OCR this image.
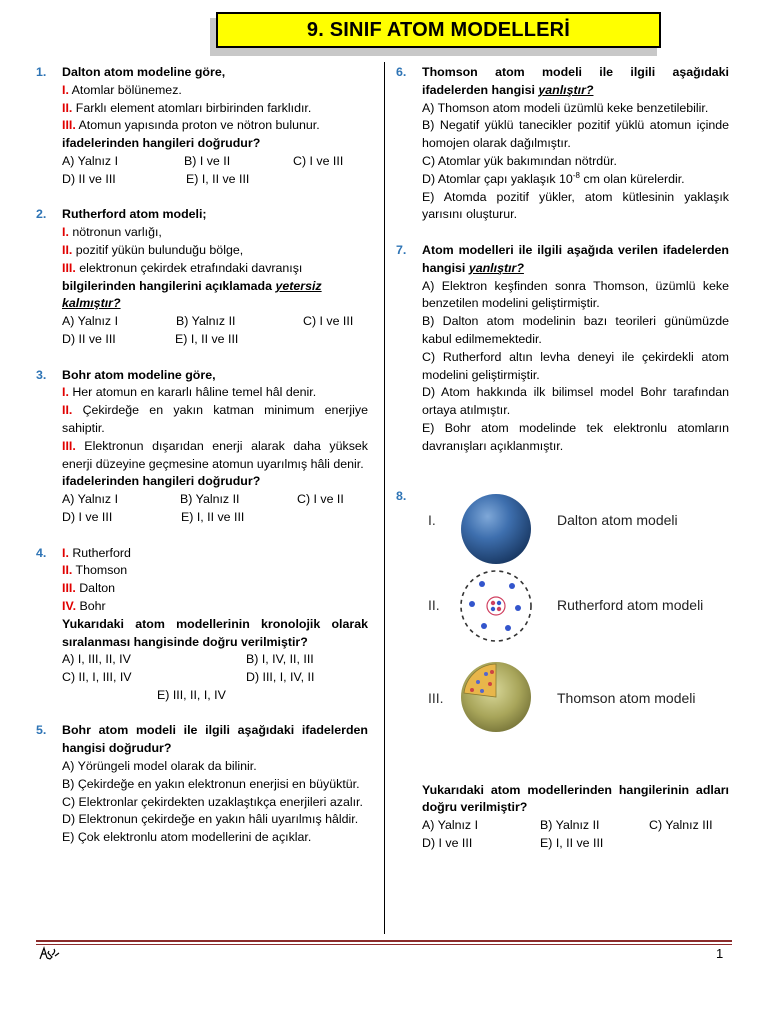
9. SINIF ATOM MODELLERİ
1. Dalton atom modeline göre,
I. Atomlar bölünemez.
II. Farklı element atomları birbirinden farklıdır.
III. Atomun yapısında proton ve nötron bulunur.
ifadelerinden hangileri doğrudur?
A) Yalnız I	B) I ve II	C) I ve III
D) II ve III	E) I, II ve III
2. Rutherford atom modeli;
I. nötronun varlığı,
II. pozitif yükün bulunduğu bölge,
III. elektronun çekirdek etrafındaki davranışı
bilgilerinden hangilerini açıklamada yetersiz
kalmıştır?
A) Yalnız I	B) Yalnız II	C) I ve III
D) II ve III	E) I, II ve III
3. Bohr atom modeline göre,
I. Her atomun en kararlı hâline temel hâl denir.
II. Çekirdeğe en yakın katman minimum enerjiye sahiptir.
III. Elektronun dışarıdan enerji alarak daha yüksek enerji düzeyine geçmesine atomun uyarılmış hâli denir.
ifadelerinden hangileri doğrudur?
A) Yalnız I	B) Yalnız II	C) I ve II
D) I ve III	E) I, II ve III
4. I. Rutherford
II. Thomson
III. Dalton
IV. Bohr
Yukarıdaki atom modellerinin kronolojik olarak sıralanması hangisinde doğru verilmiştir?
A) I, III, II, IV	B) I, IV, II, III
C) II, I, III, IV	D) III, I, IV, II
E) III, II, I, IV
5. Bohr atom modeli ile ilgili aşağıdaki ifadelerden hangisi doğrudur?
A) Yörüngeli model olarak da bilinir.
B) Çekirdeğe en yakın elektronun enerjisi en büyüktür.
C) Elektronlar çekirdekten uzaklaştıkça enerjileri azalır.
D) Elektronun çekirdeğe en yakın hâli uyarılmış hâldir.
E) Çok elektronlu atom modellerini de açıklar.
6. Thomson atom modeli ile ilgili aşağıdaki ifadelerden hangisi yanlıştır?
A) Thomson atom modeli üzümlü keke benzetilebilir.
B) Negatif yüklü tanecikler pozitif yüklü atomun içinde homojen olarak dağılmıştır.
C) Atomlar yük bakımından nötrdür.
D) Atomlar çapı yaklaşık $10^{-8}$ cm olan kürelerdir.
E) Atomda pozitif yükler, atom kütlesinin yaklaşık yarısını oluşturur.
7. Atom modelleri ile ilgili aşağıda verilen ifadelerden hangisi yanlıştır?
A) Elektron keşfinden sonra Thomson, üzümlü keke benzetilen modelini geliştirmiştir.
B) Dalton atom modelinin bazı teorileri günümüzde kabul edilmemektedir.
C) Rutherford altın levha deneyi ile çekirdekli atom modelini geliştirmiştir.
D) Atom hakkında ilk bilimsel model Bohr tarafından ortaya atılmıştır.
E) Bohr atom modelinde tek elektronlu atomların davranışları açıklanmıştır.
8.
I.	Dalton atom modeli
II.	Rutherford atom modeli
III.	Thomson atom modeli
Yukarıdaki atom modellerinden hangilerinin adları doğru verilmiştir?
A) Yalnız I	B) Yalnız II	C) Yalnız III
D) I ve III	E) I, II ve III
1
